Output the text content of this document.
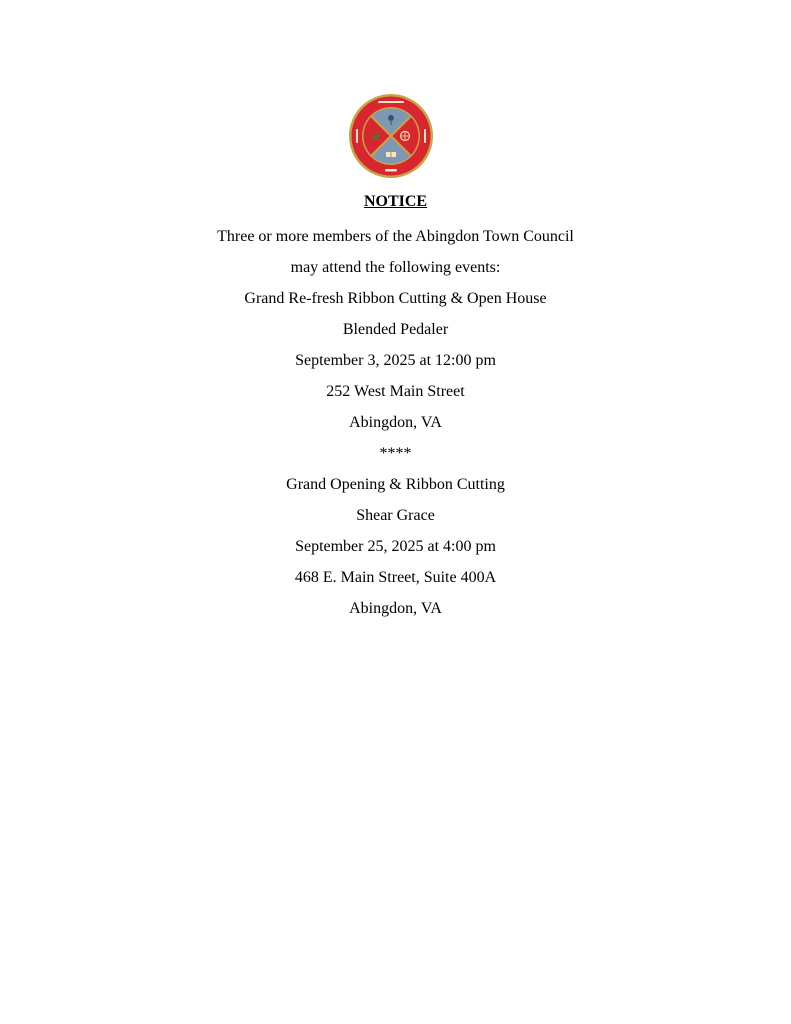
NOTICE

Three or more members of the Abingdon Town Council

may attend the following events:

Grand Re-fresh Ribbon Cutting & Open House

Blended Pedaler

September 3, 2025 at 12:00 pm

252 West Main Street

Abingdon, VA

****

Grand Opening & Ribbon Cutting

Shear Grace

September 25, 2025 at 4:00 pm

468 E. Main Street, Suite 400A

Abingdon, VA
